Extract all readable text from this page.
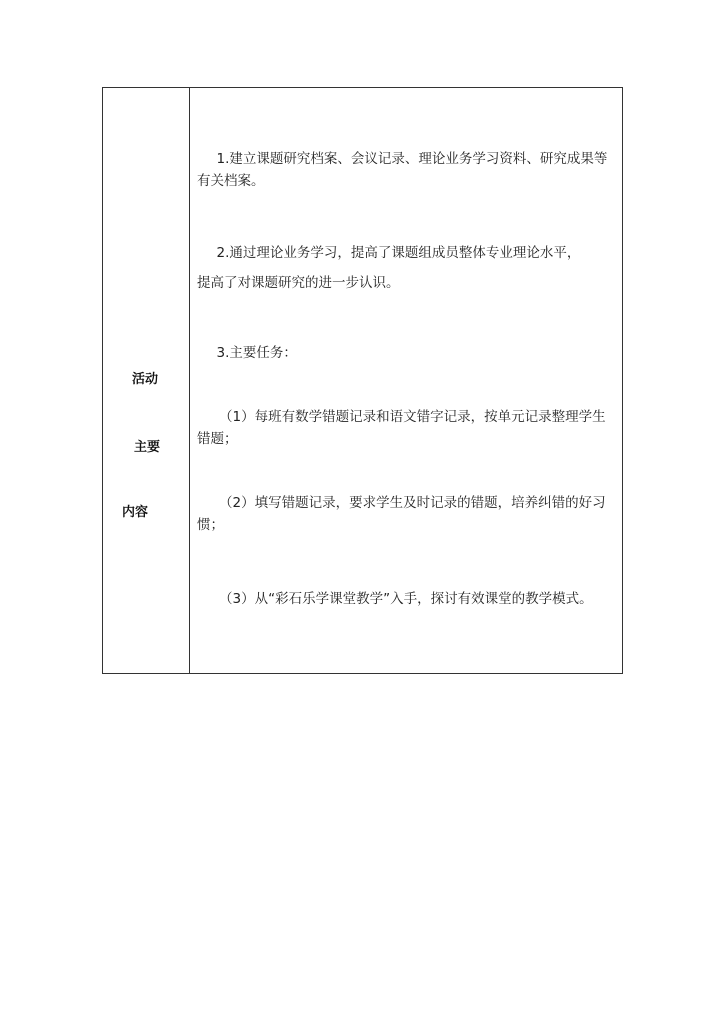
活动
主要
内容
　1.建立课题研究档案、会议记录、理论业务学习资料、研究成果等有关档案。
　2.通过理论业务学习，提高了课题组成员整体专业理论水平，
提高了对课题研究的进一步认识。
　3.主要任务：
（1）每班有数学错题记录和语文错字记录，按单元记录整理学生错题；
（2）填写错题记录，要求学生及时记录的错题，培养纠错的好习惯；
（3）从“彩石乐学课堂教学”入手，探讨有效课堂的教学模式。
